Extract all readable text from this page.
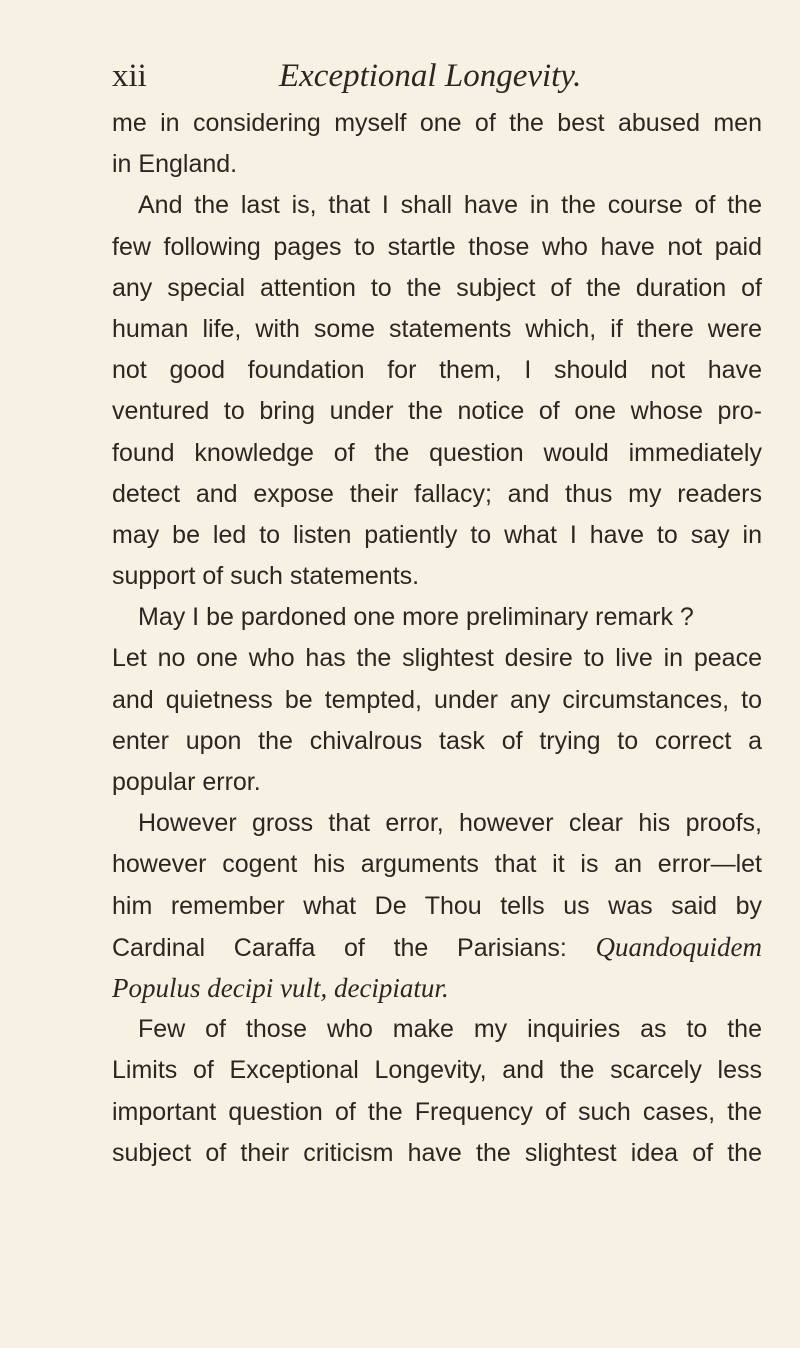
xii	Exceptional Longevity.
me in considering myself one of the best abused men
in England.
And the last is, that I shall have in the course of the
few following pages to startle those who have not paid
any special attention to the subject of the duration of
human life, with some statements which, if there were
not good foundation for them, I should not have
ventured to bring under the notice of one whose pro-
found knowledge of the question would immediately
detect and expose their fallacy; and thus my readers
may be led to listen patiently to what I have to say in
support of such statements.
May I be pardoned one more preliminary remark ?
Let no one who has the slightest desire to live in peace
and quietness be tempted, under any circumstances, to
enter upon the chivalrous task of trying to correct a
popular error.
However gross that error, however clear his proofs,
however cogent his arguments that it is an error—let
him remember what De Thou tells us was said by
Cardinal Caraffa of the Parisians: Quandoquidem
Populus decipi vult, decipiatur.
Few of those who make my inquiries as to the
Limits of Exceptional Longevity, and the scarcely less
important question of the Frequency of such cases, the
subject of their criticism have the slightest idea of the
